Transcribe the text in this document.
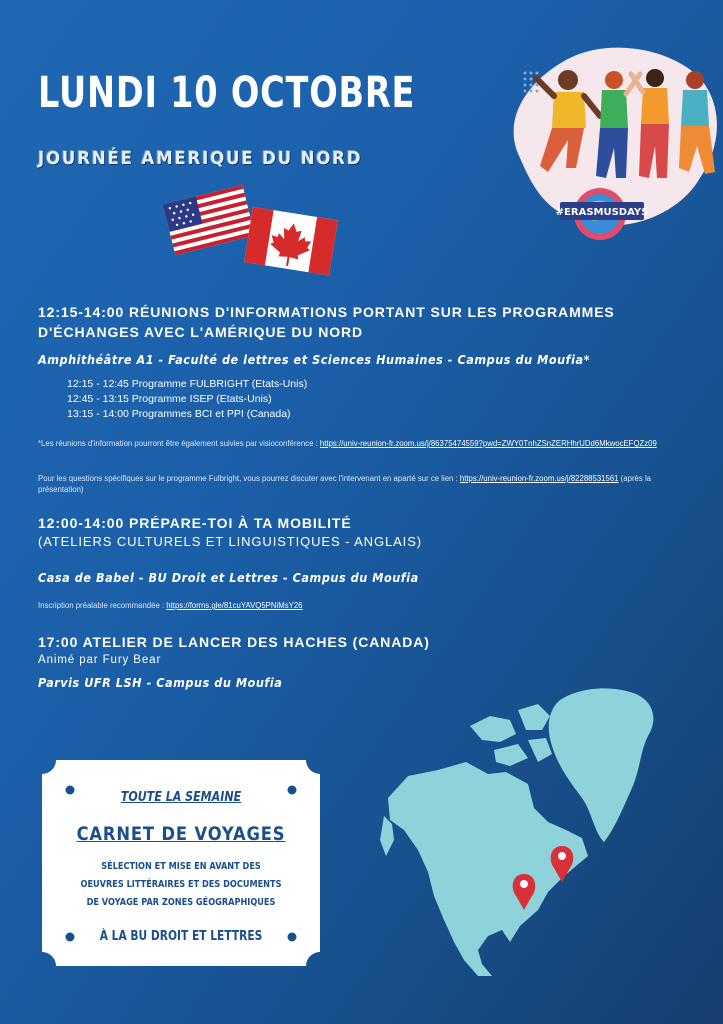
LUNDI 10 OCTOBRE
JOURNÉE AMERIQUE DU NORD
#ERASMUSDAYS
12:15-14:00 RÉUNIONS D'INFORMATIONS PORTANT SUR LES PROGRAMMES
D'ÉCHANGES AVEC L'AMÉRIQUE DU NORD
Amphithéâtre A1 - Faculté de lettres et Sciences Humaines - Campus du Moufia*
12:15 - 12:45 Programme FULBRIGHT (Etats-Unis)
12:45 - 13:15 Programme ISEP (Etats-Unis)
13:15 - 14:00 Programmes BCI et PPI (Canada)
*Les réunions d'information pourront être également suivies par visioconférence : https://univ-reunion-fr.zoom.us/j/86375474559?pwd=ZWY0TnhZSnZERHhrUDd6MkwocEFQZz09
Pour les questions spécifiques sur le programme Fulbright, vous pourrez discuter avec l'intervenant en aparté sur ce lien : https://univ-reunion-fr.zoom.us/j/82288531561 (après la présentation)
12:00-14:00 PRÉPARE-TOI À TA MOBILITÉ
(ATELIERS CULTURELS ET LINGUISTIQUES - ANGLAIS)
Casa de Babel - BU Droit et Lettres - Campus du Moufia
Inscription préalable recommandée : https://forms.gle/81cuYAVQ5PNiMsY26
17:00 ATELIER DE LANCER DES HACHES (CANADA)
Animé par Fury Bear
Parvis UFR LSH - Campus du Moufia
TOUTE LA SEMAINE
CARNET DE VOYAGES
SÉLECTION ET MISE EN AVANT DES OEUVRES LITTÉRAIRES ET DES DOCUMENTS DE VOYAGE PAR ZONES GÉOGRAPHIQUES
À LA BU DROIT ET LETTRES
